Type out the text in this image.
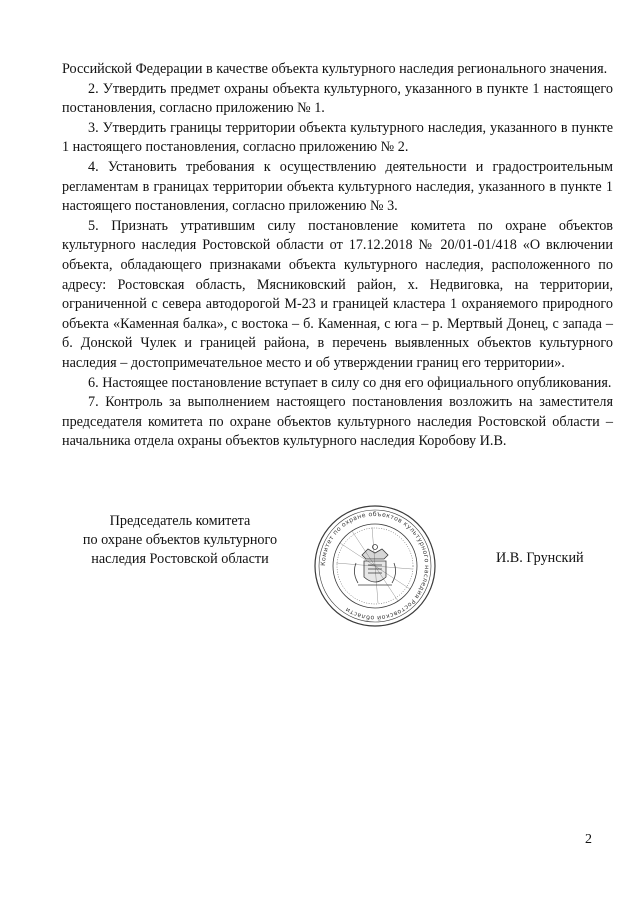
Российской Федерации в качестве объекта культурного наследия регионального значения.

2. Утвердить предмет охраны объекта культурного, указанного в пункте 1 настоящего постановления, согласно приложению № 1.

3. Утвердить границы территории объекта культурного наследия, указанного в пункте 1 настоящего постановления, согласно приложению № 2.

4. Установить требования к осуществлению деятельности и градостроительным регламентам в границах территории объекта культурного наследия, указанного в пункте 1 настоящего постановления, согласно приложению № 3.

5. Признать утратившим силу постановление комитета по охране объектов культурного наследия Ростовской области от 17.12.2018 № 20/01-01/418 «О включении объекта, обладающего признаками объекта культурного наследия, расположенного по адресу: Ростовская область, Мясниковский район, х. Недвиговка, на территории, ограниченной с севера автодорогой М-23 и границей кластера 1 охраняемого природного объекта «Каменная балка», с востока – б. Каменная, с юга – р. Мертвый Донец, с запада – б. Донской Чулек и границей района, в перечень выявленных объектов культурного наследия – достопримечательное место и об утверждении границ его территории».

6. Настоящее постановление вступает в силу со дня его официального опубликования.

7. Контроль за выполнением настоящего постановления возложить на заместителя председателя комитета по охране объектов культурного наследия Ростовской области – начальника отдела охраны объектов культурного наследия Коробову И.В.

Председатель комитета
по охране объектов культурного
наследия Ростовской области	Комитет по охране объектов культурного наследия Ростовской области
И.В. Грунский
2
